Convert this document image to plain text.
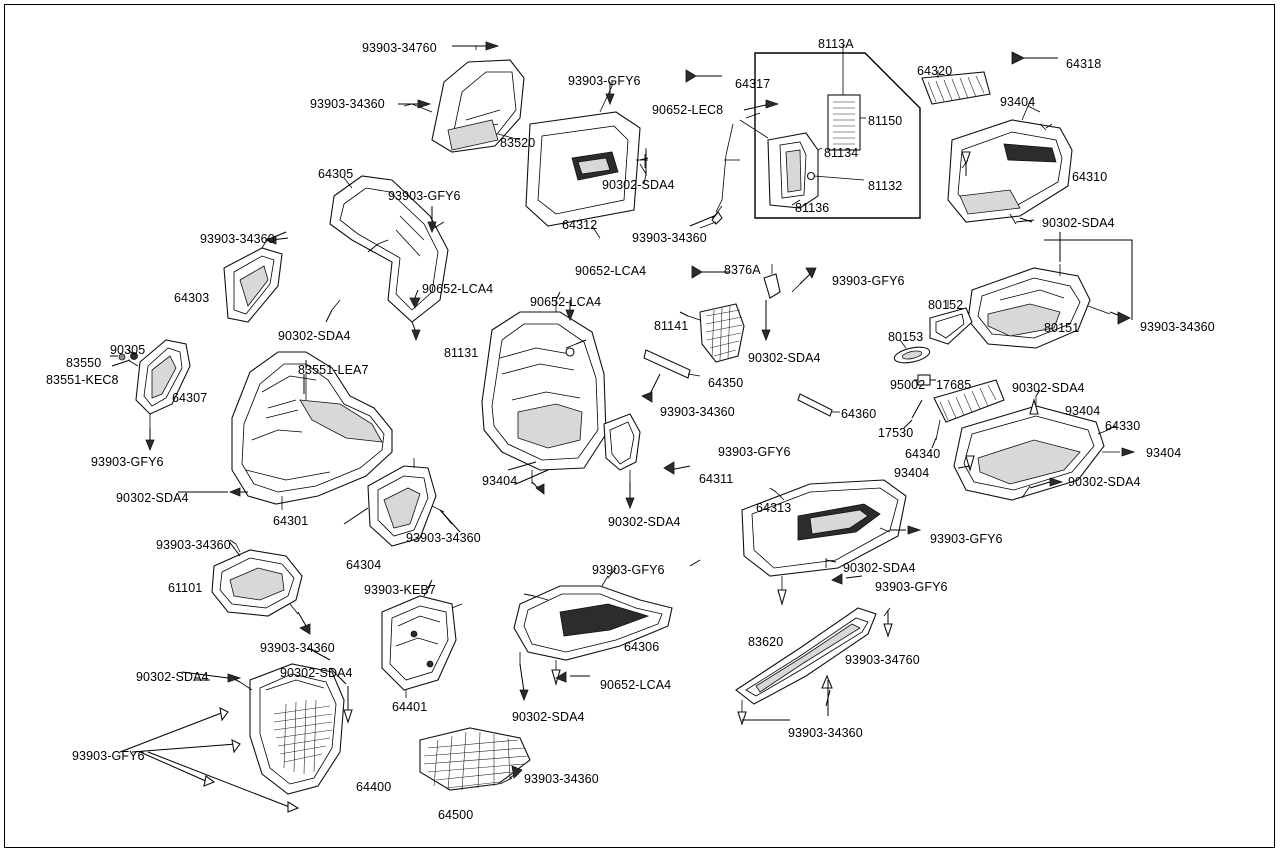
93903-34760	8113A
64318
64320
93903-GFY6	64317
93903-34360	90652-LEC8
93404
81150
83520
81134
90302-SDA4	81132
64310
64305
93903-GFY6
81136
64312	90302-SDA4
93903-34360
93903-34360
8376A
90652-LCA4
93903-GFY6
64303
90652-LCA4
80152
90652-LCA4
81141	80151
80153
90302-SDA4
93903-34360
81131
90305
83550	90302-SDA4
83551-LEA7
83551-KEC8	95002 17685	90302-SDA4
64307
64350
64360	93404
93903-34360
17530	64330
64340	93404
93903-GFY6
93903-GFY6
93404
64311
93404	90302-SDA4
90302-SDA4
64301	90302-SDA4
64313
93903-34360	93903-GFY6
93903-34360
64304	90302-SDA4
93903-GFY6
61101	93903-GFY6
93903-KEB7
64306
93903-34360	83620
93903-34760
90302-SDA4	90302-SDA4
90652-LCA4
64401
90302-SDA4
93903-34360
93903-GFY6
64400
93903-34360
64500
